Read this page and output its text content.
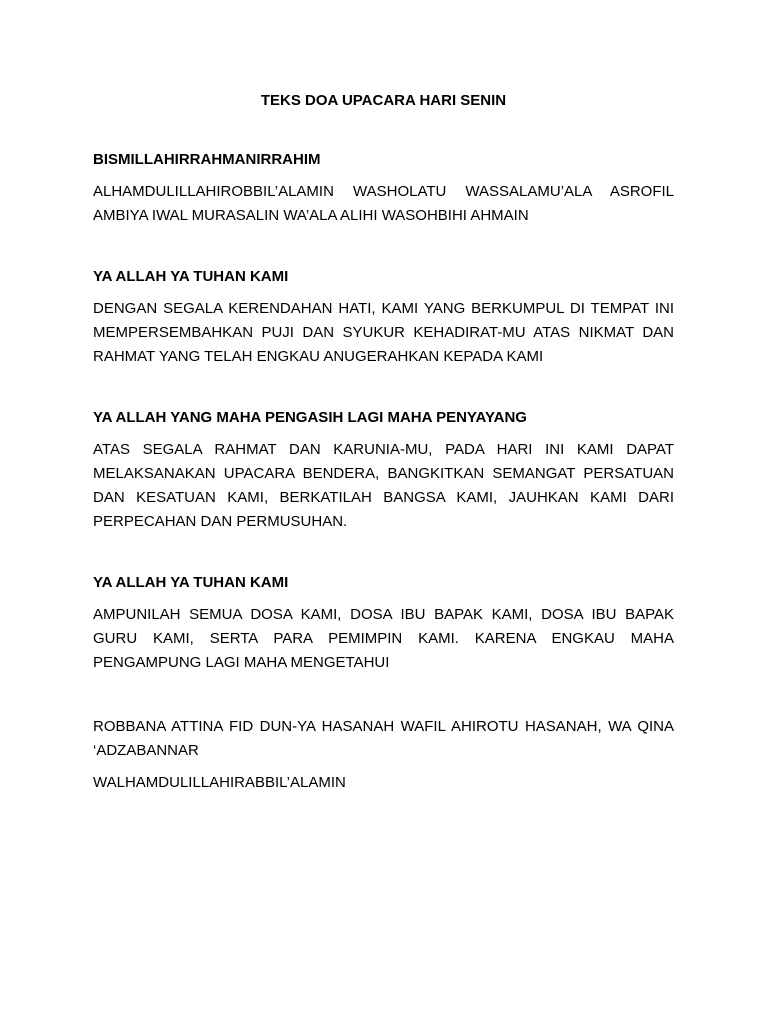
TEKS DOA UPACARA HARI SENIN

BISMILLAHIRRAHMANIRRAHIM

ALHAMDULILLAHIROBBIL’ALAMIN WASHOLATU WASSALAMU’ALA ASROFIL AMBIYA IWAL MURASALIN WA’ALA ALIHI WASOHBIHI AHMAIN

YA ALLAH YA TUHAN KAMI

DENGAN SEGALA KERENDAHAN HATI, KAMI YANG BERKUMPUL DI TEMPAT INI MEMPERSEMBAHKAN PUJI DAN SYUKUR KEHADIRAT-MU ATAS NIKMAT DAN RAHMAT YANG TELAH ENGKAU ANUGERAHKAN KEPADA KAMI

YA ALLAH YANG MAHA PENGASIH LAGI MAHA PENYAYANG

ATAS SEGALA RAHMAT DAN KARUNIA-MU, PADA HARI INI KAMI DAPAT MELAKSANAKAN UPACARA BENDERA, BANGKITKAN SEMANGAT PERSATUAN DAN KESATUAN KAMI, BERKATILAH BANGSA KAMI, JAUHKAN KAMI DARI PERPECAHAN DAN PERMUSUHAN.

YA ALLAH YA TUHAN KAMI

AMPUNILAH SEMUA DOSA KAMI, DOSA IBU BAPAK KAMI, DOSA IBU BAPAK GURU KAMI, SERTA PARA PEMIMPIN KAMI. KARENA ENGKAU MAHA PENGAMPUNG LAGI MAHA MENGETAHUI

ROBBANA ATTINA FID DUN-YA HASANAH WAFIL AHIROTU HASANAH, WA QINA ‘ADZABANNAR

WALHAMDULILLAHIRABBIL’ALAMIN
